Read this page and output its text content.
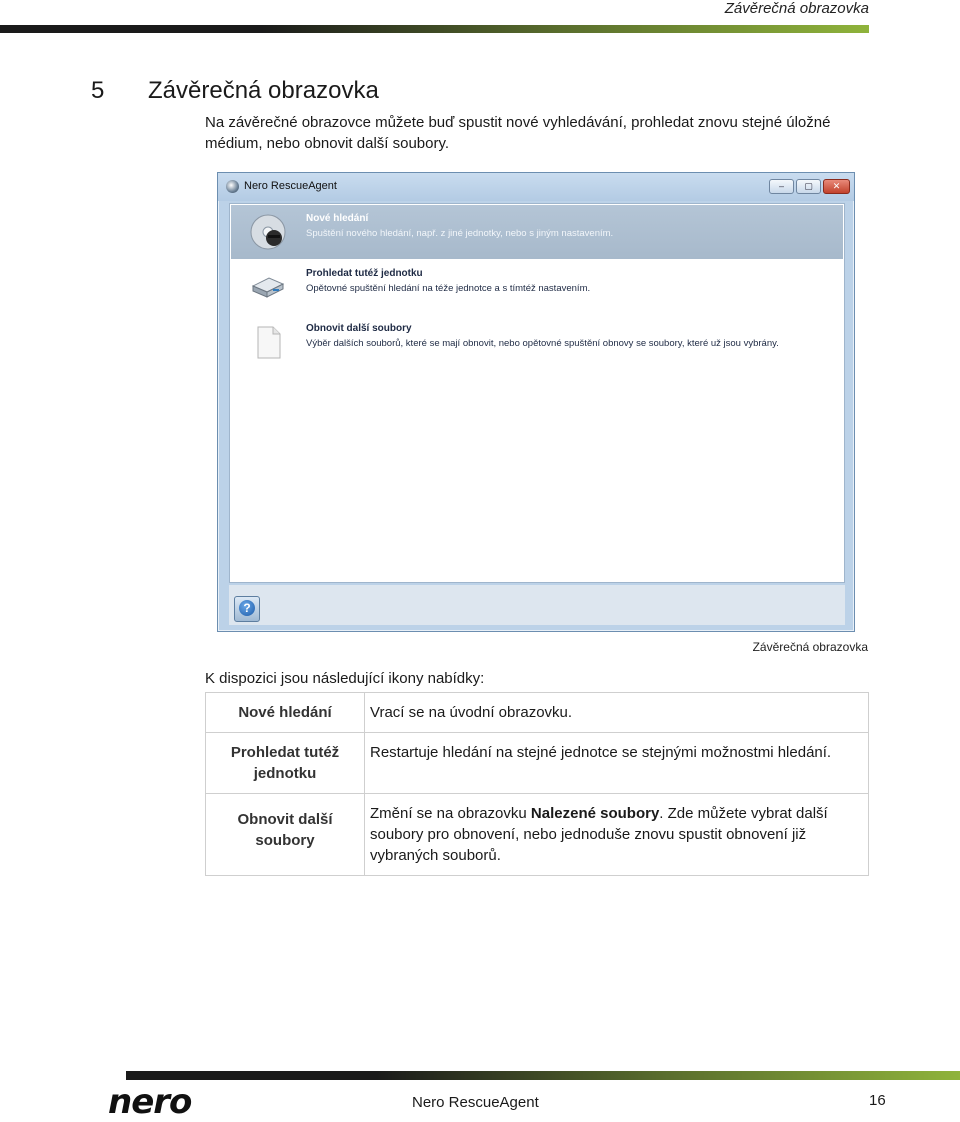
Závěrečná obrazovka
5 Závěrečná obrazovka
Na závěrečné obrazovce můžete buď spustit nové vyhledávání, prohledat znovu stejné úložné médium, nebo obnovit další soubory.
Nero RescueAgent	–	▢	✕
Nové hledání
Spuštění nového hledání, např. z jiné jednotky, nebo s jiným nastavením.
Prohledat tutéž jednotku
Opětovné spuštění hledání na téže jednotce a s tímtéž nastavením.
Obnovit další soubory
Výběr dalších souborů, které se mají obnovit, nebo opětovné spuštění obnovy se soubory, které už jsou vybrány.
?
Závěrečná obrazovka
K dispozici jsou následující ikony nabídky:
Nové hledání	Vrací se na úvodní obrazovku.
Prohledat tutéž jednotku	Restartuje hledání na stejné jednotce se stejnými možnostmi hledání.
Obnovit další soubory	Změní se na obrazovku Nalezené soubory. Zde můžete vybrat další soubory pro obnovení, nebo jednoduše znovu spustit obnovení již vybraných souborů.
nero	Nero RescueAgent	16
